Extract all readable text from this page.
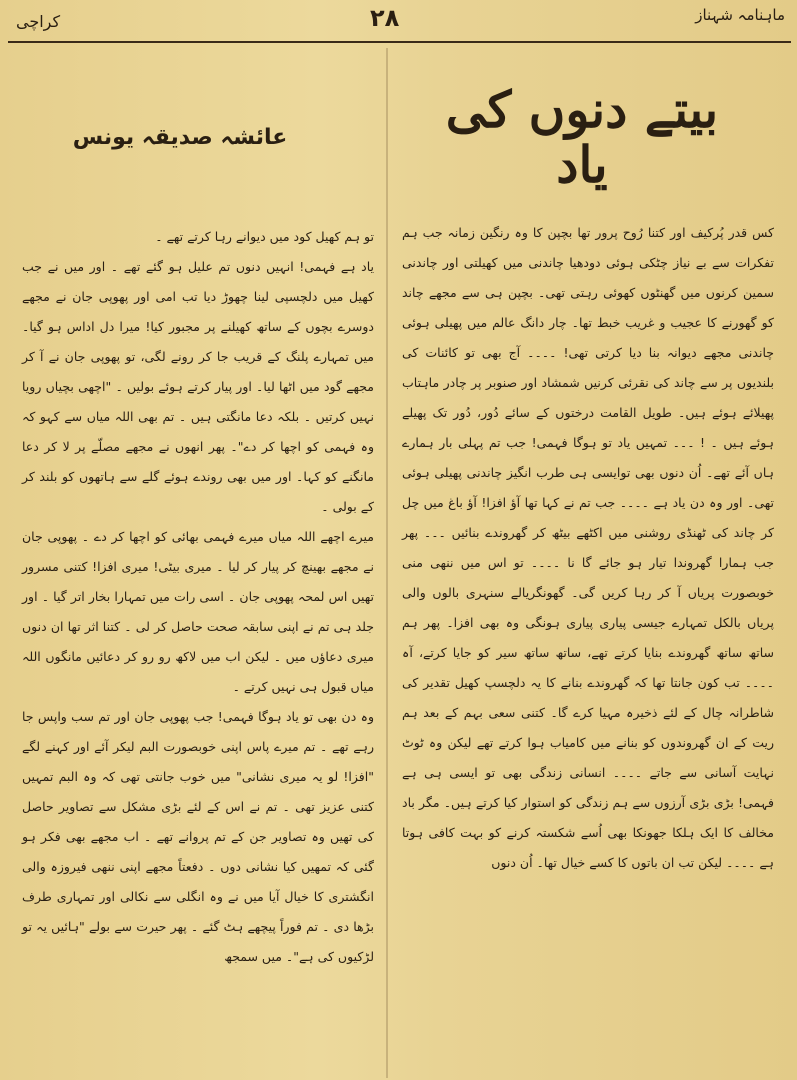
کراچی	۲۸	ماہنامہ شہناز
بیتے دنوں کی یاد
عائشہ صدیقہ یونس

کس قدر پُرکیف اور کتنا رُوح پرور تھا بچپن کا وہ رنگین زمانہ جب ہم تفکرات سے بے نیاز چٹکی ہوئی دودھیا چاندنی میں کھیلتی اور چاندنی سمین کرنوں میں گھنٹوں کھوئی رہتی تھی۔ بچپن ہی سے مجھے چاند کو گھورنے کا عجیب و غریب خبط تھا۔ چار دانگ عالم میں پھیلی ہوئی چاندنی مجھے دیوانہ بنا دیا کرتی تھی! ۔۔۔۔ آج بھی تو کائنات کی بلندیوں پر سے چاند کی نقرئی کرنیں شمشاد اور صنوبر پر چادر ماہتاب پھیلائے ہوئے ہیں۔ طویل القامت درختوں کے سائے دُور، دُور تک پھیلے ہوئے ہیں ۔ ! ۔۔۔ تمہیں یاد تو ہوگا فہمی! جب تم پہلی بار ہمارے ہاں آئے تھے۔ اُن دنوں بھی توایسی ہی طرب انگیز چاندنی پھیلی ہوئی تھی۔ اور وہ دن یاد ہے ۔۔۔۔ جب تم نے کہا تھا آؤ افزا! آؤ باغ میں چل کر چاند کی ٹھنڈی روشنی میں اکٹھے بیٹھ کر گھروندے بنائیں ۔۔۔ پھر جب ہمارا گھروندا تیار ہو جائے گا نا ۔۔۔۔ تو اس میں ننھی منی خوبصورت پریاں آ کر رہا کریں گی۔ گھونگریالے سنہری بالوں والی پریاں بالکل تمہارے جیسی پیاری پیاری ہونگی وہ بھی افزا۔ پھر ہم ساتھ ساتھ گھروندے بنایا کرتے تھے، ساتھ ساتھ سیر کو جایا کرتے، آہ ۔۔۔۔ تب کون جانتا تھا کہ گھروندے بنانے کا یہ دلچسپ کھیل تقدیر کی شاطرانہ چال کے لئے ذخیرہ مہیا کرے گا۔ کتنی سعی بہم کے بعد ہم ریت کے ان گھروندوں کو بنانے میں کامیاب ہوا کرتے تھے لیکن وہ ٹوٹ نہایت آسانی سے جاتے ۔۔۔۔ انسانی زندگی بھی تو ایسی ہی ہے فہمی! بڑی بڑی آرزوں سے ہم زندگی کو استوار کیا کرتے ہیں۔ مگر باد مخالف کا ایک ہلکا جھونکا بھی اُسے شکستہ کرنے کو بہت کافی ہوتا ہے ۔۔۔۔ لیکن تب ان باتوں کا کسے خیال تھا۔ اُن دنوں

تو ہم کھیل کود میں دیوانے رہا کرتے تھے ۔

یاد ہے فہمی! انہیں دنوں تم علیل ہو گئے تھے ۔ اور میں نے جب کھیل میں دلچسپی لینا چھوڑ دیا تب امی اور پھوپی جان نے مجھے دوسرے بچوں کے ساتھ کھیلنے پر مجبور کیا! میرا دل اداس ہو گیا۔ میں تمہارے پلنگ کے قریب جا کر رونے لگی، تو پھوپی جان نے آ کر مجھے گود میں اٹھا لیا۔ اور پیار کرتے ہوئے بولیں ۔ "اچھی بچیاں رویا نہیں کرتیں ۔ بلکہ دعا مانگتی ہیں ۔ تم بھی اللہ میاں سے کہو کہ وہ فہمی کو اچھا کر دے"۔ پھر انھوں نے مجھے مصلّے پر لا کر دعا مانگنے کو کہا۔ اور میں بھی روندے ہوئے گلے سے ہاتھوں کو بلند کر کے بولی ۔

میرے اچھے اللہ میاں میرے فہمی بھائی کو اچھا کر دے ۔ پھوپی جان نے مجھے بھینچ کر پیار کر لیا ۔ میری بیٹی! میری افزا! کتنی مسرور تھیں اس لمحہ پھوپی جان ۔ اسی رات میں تمہارا بخار اتر گیا ۔ اور جلد ہی تم نے اپنی سابقہ صحت حاصل کر لی ۔ کتنا اثر تھا ان دنوں میری دعاؤں میں ۔ لیکن اب میں لاکھ رو رو کر دعائیں مانگوں اللہ میاں قبول ہی نہیں کرتے ۔

وہ دن بھی تو یاد ہوگا فہمی! جب پھوپی جان اور تم سب واپس جا رہے تھے ۔ تم میرے پاس اپنی خوبصورت البم لیکر آئے اور کہنے لگے "افزا! لو یہ میری نشانی" میں خوب جانتی تھی کہ وہ البم تمہیں کتنی عزیز تھی ۔ تم نے اس کے لئے بڑی مشکل سے تصاویر حاصل کی تھیں وہ تصاویر جن کے تم پروانے تھے ۔ اب مجھے بھی فکر ہو گئی کہ تمھیں کیا نشانی دوں ۔ دفعتاً مجھے اپنی ننھی فیروزہ والی انگشتری کا خیال آیا میں نے وہ انگلی سے نکالی اور تمہاری طرف بڑھا دی ۔ تم فوراً پیچھے ہٹ گئے ۔ پھر حیرت سے بولے "ہائیں یہ تو لڑکیوں کی ہے"۔ میں سمجھ
